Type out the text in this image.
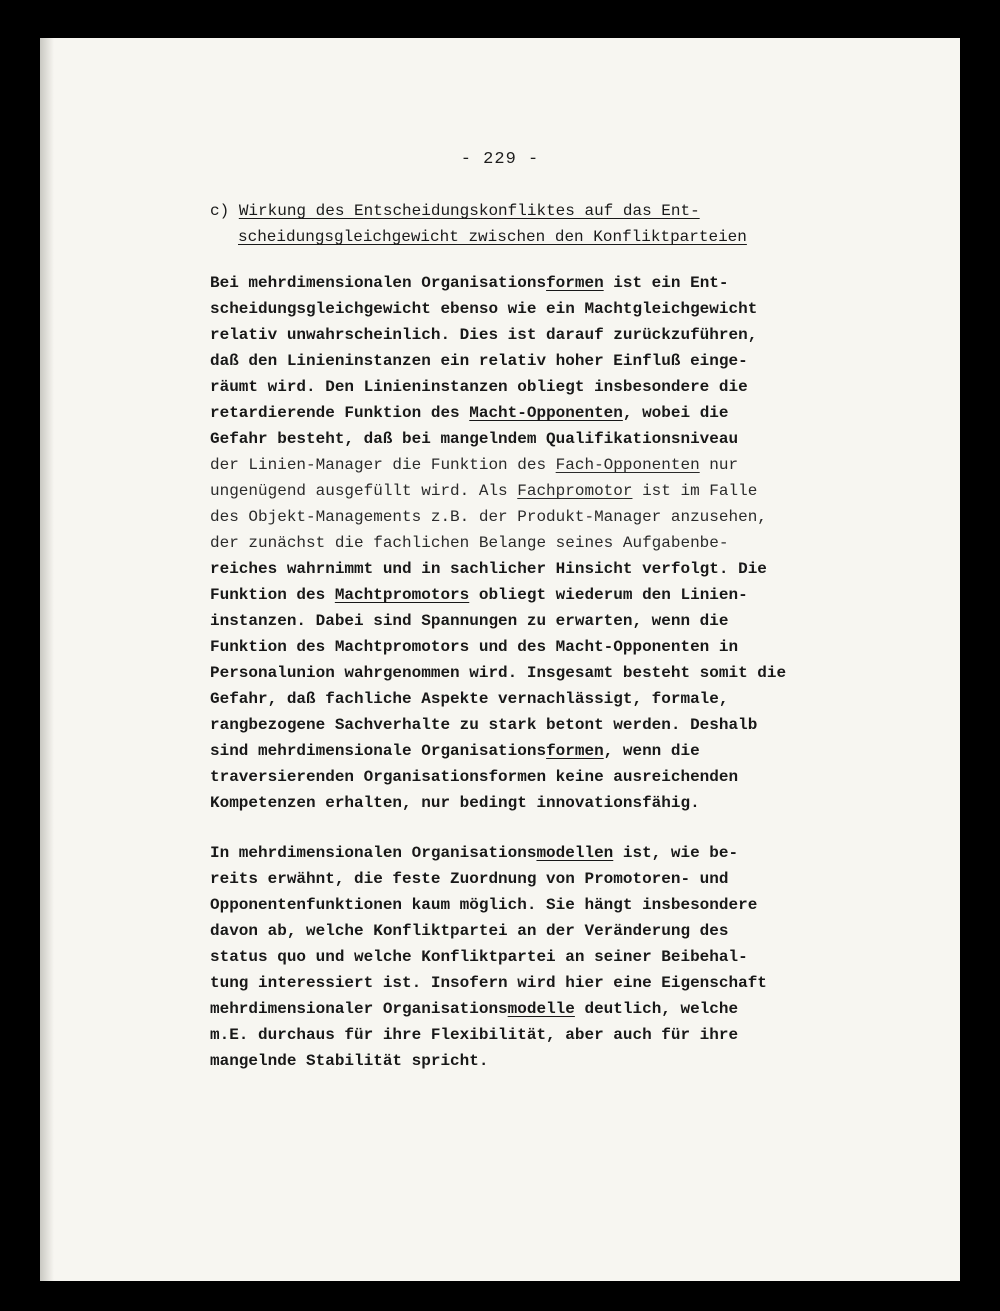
- 229 -
c) Wirkung des Entscheidungskonfliktes auf das Ent-
scheidungsgleichgewicht zwischen den Konfliktparteien
Bei mehrdimensionalen Organisationsformen ist ein Ent-
scheidungsgleichgewicht ebenso wie ein Machtgleichgewicht
relativ unwahrscheinlich. Dies ist darauf zurückzuführen,
daß den Linieninstanzen ein relativ hoher Einfluß einge-
räumt wird. Den Linieninstanzen obliegt insbesondere die
retardierende Funktion des Macht-Opponenten, wobei die
Gefahr besteht, daß bei mangelndem Qualifikationsniveau
der Linien-Manager die Funktion des Fach-Opponenten nur
ungenügend ausgefüllt wird. Als Fachpromotor ist im Falle
des Objekt-Managements z.B. der Produkt-Manager anzusehen,
der zunächst die fachlichen Belange seines Aufgabenbe-
reiches wahrnimmt und in sachlicher Hinsicht verfolgt. Die
Funktion des Machtpromotors obliegt wiederum den Linien-
instanzen. Dabei sind Spannungen zu erwarten, wenn die
Funktion des Machtpromotors und des Macht-Opponenten in
Personalunion wahrgenommen wird. Insgesamt besteht somit die
Gefahr, daß fachliche Aspekte vernachlässigt, formale,
rangbezogene Sachverhalte zu stark betont werden. Deshalb
sind mehrdimensionale Organisationsformen, wenn die
traversierenden Organisationsformen keine ausreichenden
Kompetenzen erhalten, nur bedingt innovationsfähig.
In mehrdimensionalen Organisationsmodellen ist, wie be-
reits erwähnt, die feste Zuordnung von Promotoren- und
Opponentenfunktionen kaum möglich. Sie hängt insbesondere
davon ab, welche Konfliktpartei an der Veränderung des
status quo und welche Konfliktpartei an seiner Beibehal-
tung interessiert ist. Insofern wird hier eine Eigenschaft
mehrdimensionaler Organisationsmodelle deutlich, welche
m.E. durchaus für ihre Flexibilität, aber auch für ihre
mangelnde Stabilität spricht.
